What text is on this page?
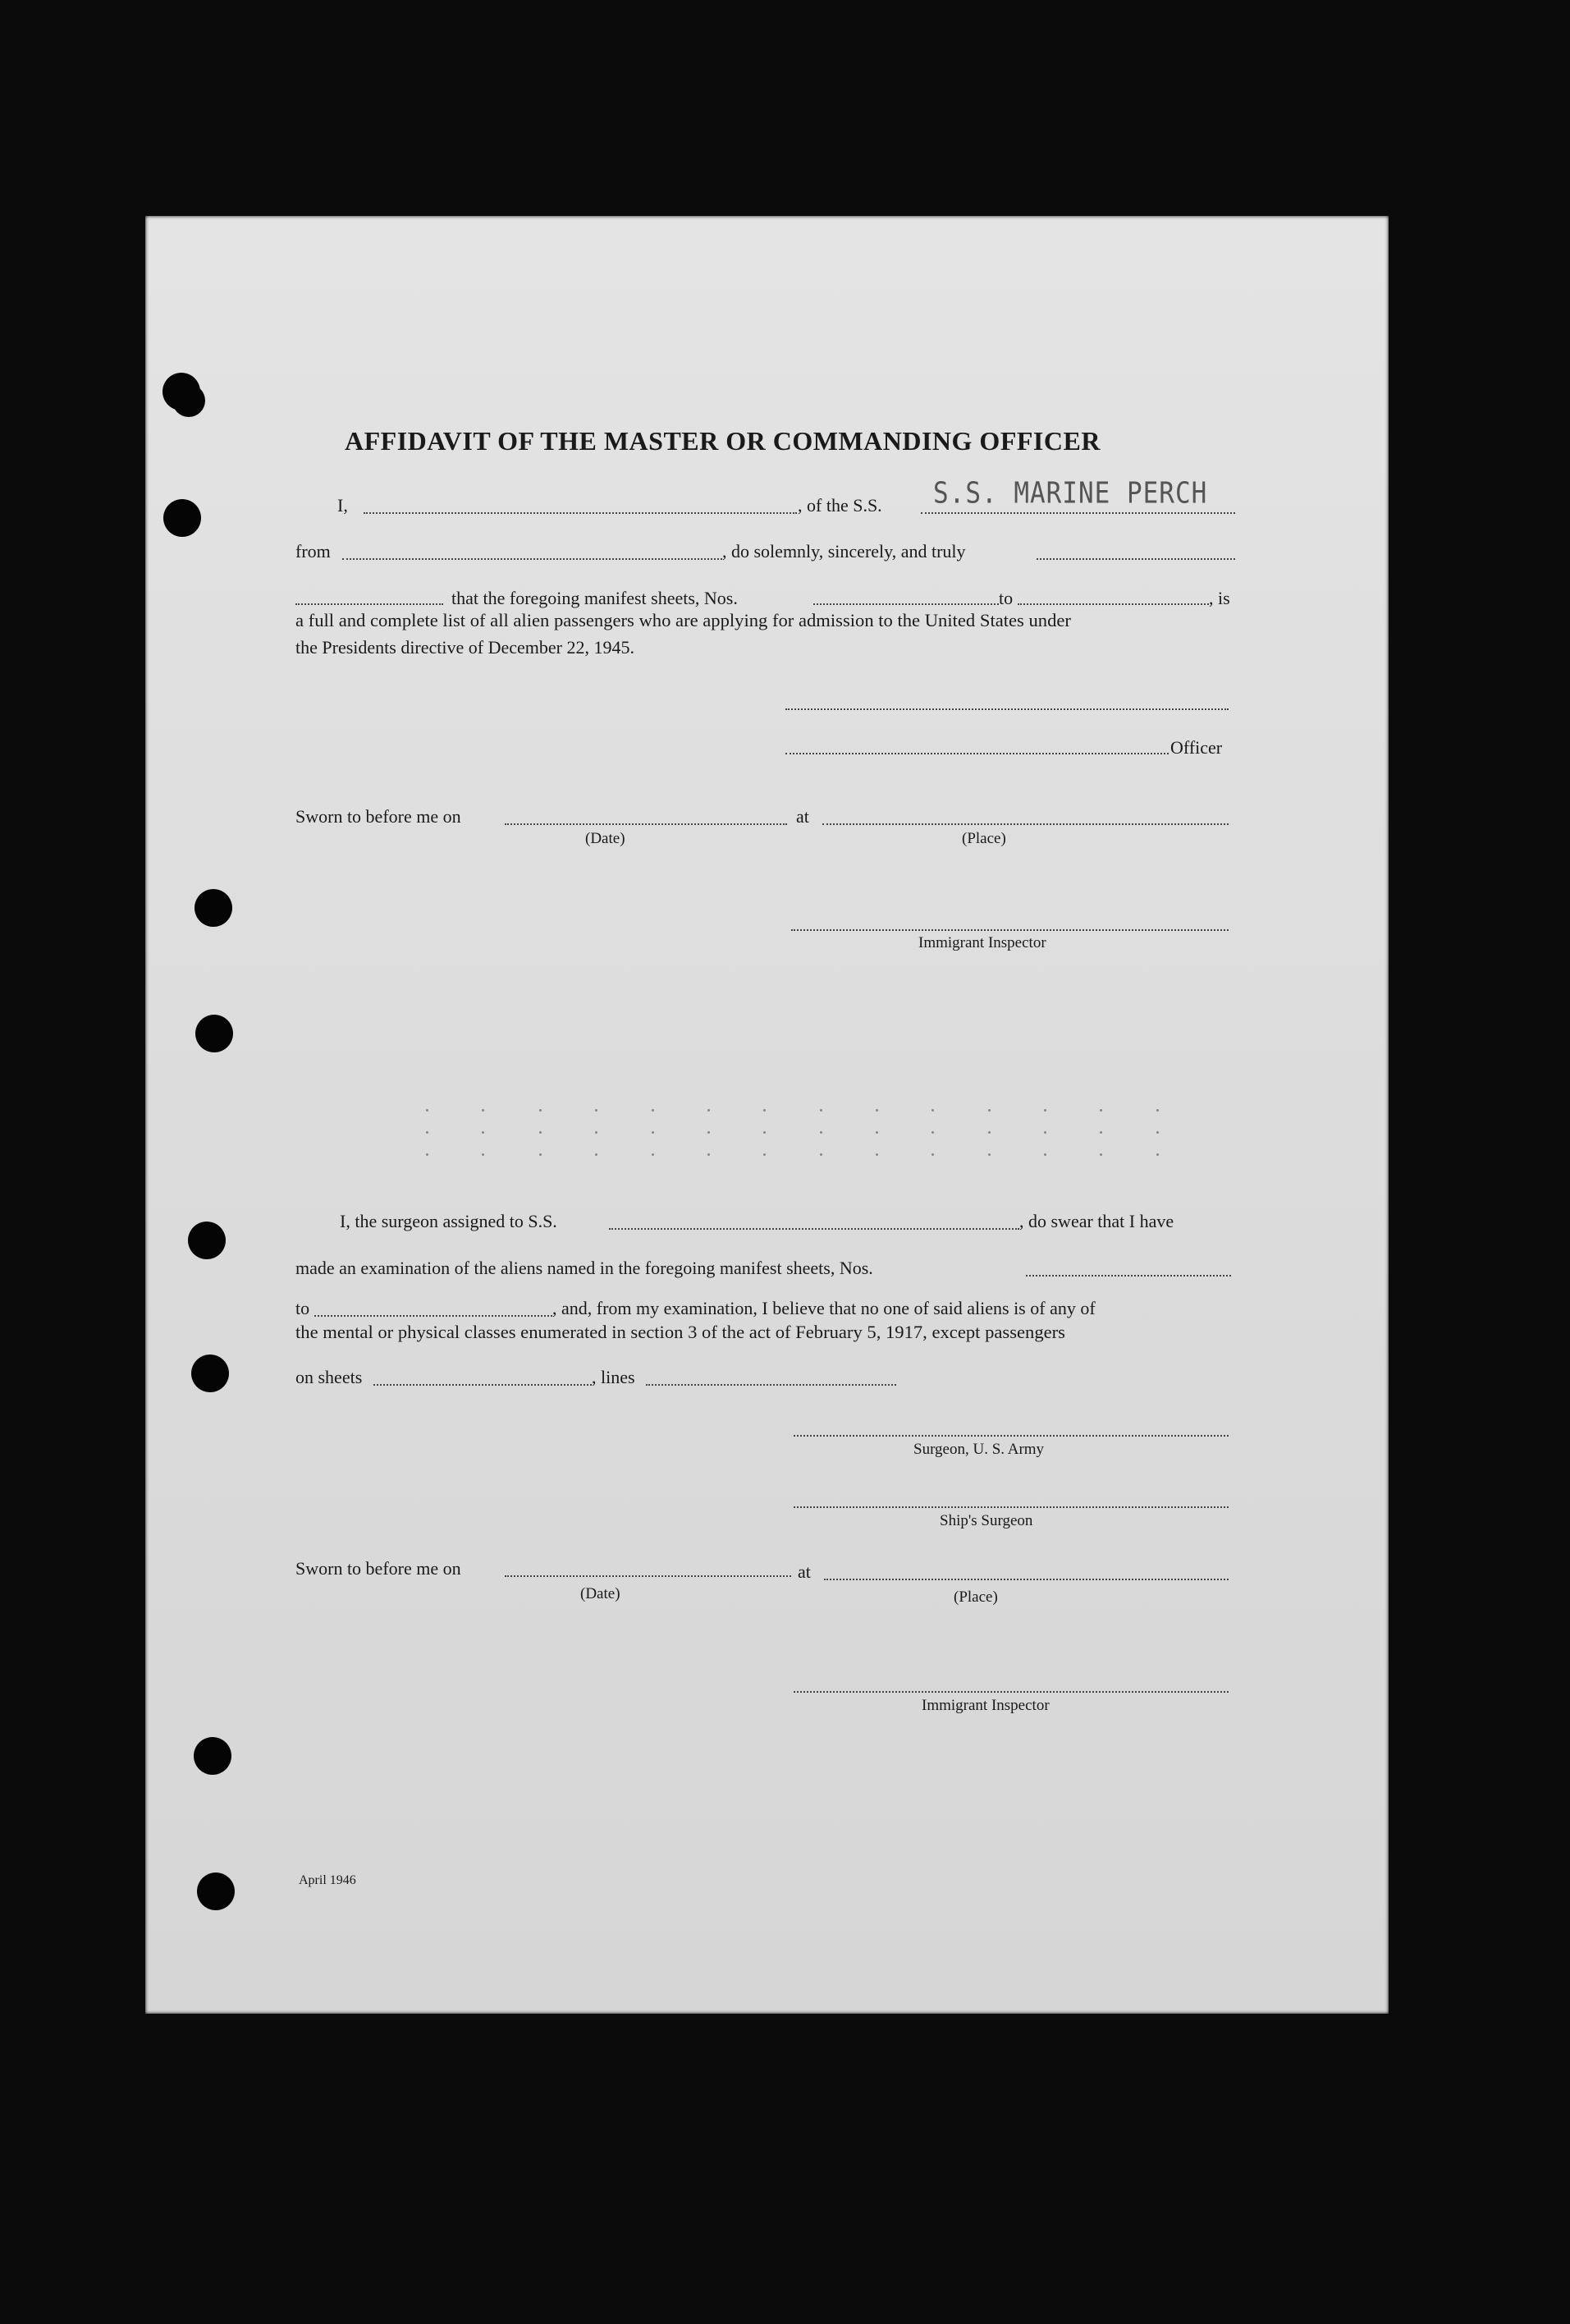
AFFIDAVIT OF THE MASTER OR COMMANDING OFFICER
I,	, of the S.S. S.S. MARINE PERCH
from	, do solemnly, sincerely, and truly
that the foregoing manifest sheets, Nos.	to	, is
a full and complete list of all alien passengers who are applying for admission to the United States under
the Presidents directive of December 22, 1945.
Officer
Sworn to before me on	at
(Date)	(Place)
Immigrant Inspector
I, the surgeon assigned to S.S.	, do swear that I have
made an examination of the aliens named in the foregoing manifest sheets, Nos.
to	, and, from my examination, I believe that no one of said aliens is of any of
the mental or physical classes enumerated in section 3 of the act of February 5, 1917, except passengers
on sheets	, lines
Surgeon, U. S. Army
Ship's Surgeon
Sworn to before me on	at
(Date)	(Place)
Immigrant Inspector
April 1946
